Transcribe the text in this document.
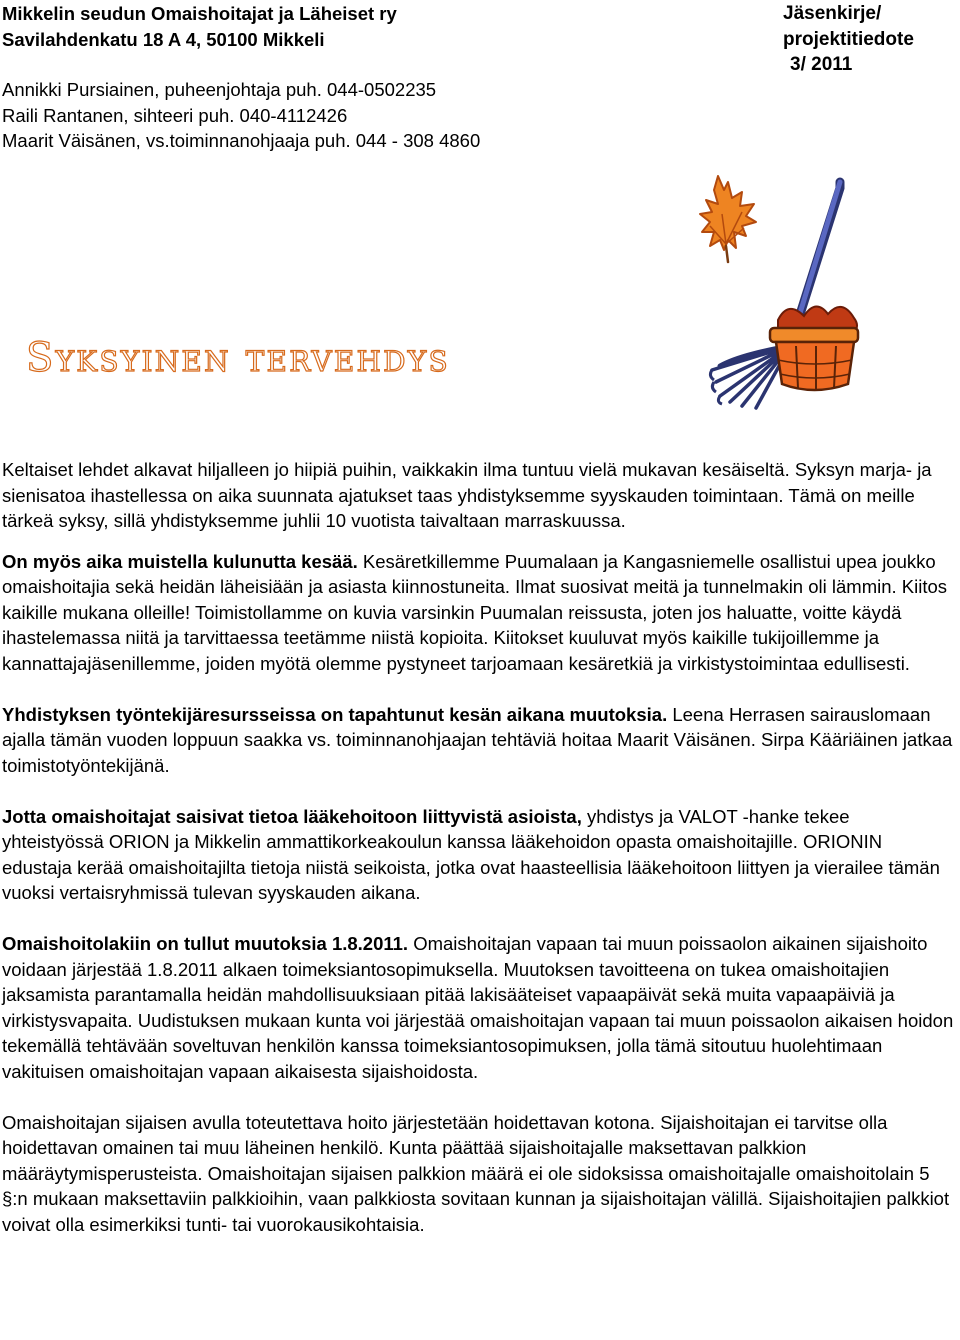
Mikkelin seudun Omaishoitajat ja Läheiset ry
Savilahdenkatu 18 A 4, 50100 Mikkeli
Annikki Pursiainen, puheenjohtaja puh. 044-0502235
Raili Rantanen, sihteeri puh. 040-4112426
Maarit Väisänen, vs.toiminnanohjaaja puh. 044 - 308 4860
Jäsenkirje/
projektitiedote
3/ 2011
Syksyinen tervehdys

Keltaiset lehdet alkavat hiljalleen jo hiipiä puihin, vaikkakin ilma tuntuu vielä mukavan kesäiseltä. Syksyn marja- ja sienisatoa ihastellessa on aika suunnata ajatukset taas yhdistyksemme syyskauden toimintaan. Tämä on meille tärkeä syksy, sillä yhdistyksemme juhlii 10 vuotista taivaltaan marraskuussa.

On myös aika muistella kulunutta kesää. Kesäretkillemme Puumalaan ja Kangasniemelle osallistui upea joukko omaishoitajia sekä heidän läheisiään ja asiasta kiinnostuneita. Ilmat suosivat meitä ja tunnelmakin oli lämmin. Kiitos kaikille mukana olleille! Toimistollamme on kuvia varsinkin Puumalan reissusta, joten jos haluatte, voitte käydä ihastelemassa niitä ja tarvittaessa teetämme niistä kopioita. Kiitokset kuuluvat myös kaikille tukijoillemme ja kannattajajäsenillemme, joiden myötä olemme pystyneet tarjoamaan kesäretkiä ja virkistystoimintaa edullisesti.

Yhdistyksen työntekijäresursseissa on tapahtunut kesän aikana muutoksia. Leena Herrasen sairauslomaan ajalla tämän vuoden loppuun saakka vs. toiminnanohjaajan tehtäviä hoitaa Maarit Väisänen. Sirpa Kääriäinen jatkaa toimistotyöntekijänä.

Jotta omaishoitajat saisivat tietoa lääkehoitoon liittyvistä asioista, yhdistys ja VALOT -hanke tekee yhteistyössä ORION ja Mikkelin ammattikorkeakoulun kanssa lääkehoidon opasta omaishoitajille. ORIONIN edustaja kerää omaishoitajilta tietoja niistä seikoista, jotka ovat haasteellisia lääkehoitoon liittyen ja vierailee tämän vuoksi vertaisryhmissä tulevan syyskauden aikana.

Omaishoitolakiin on tullut muutoksia 1.8.2011. Omaishoitajan vapaan tai muun poissaolon aikainen sijaishoito voidaan järjestää 1.8.2011 alkaen toimeksiantosopimuksella. Muutoksen tavoitteena on tukea omaishoitajien jaksamista parantamalla heidän mahdollisuuksiaan pitää lakisääteiset vapaapäivät sekä muita vapaapäiviä ja virkistysvapaita. Uudistuksen mukaan kunta voi järjestää omaishoitajan vapaan tai muun poissaolon aikaisen hoidon tekemällä tehtävään soveltuvan henkilön kanssa toimeksiantosopimuksen, jolla tämä sitoutuu huolehtimaan vakituisen omaishoitajan vapaan aikaisesta sijaishoidosta.

Omaishoitajan sijaisen avulla toteutettava hoito järjestetään hoidettavan kotona. Sijaishoitajan ei tarvitse olla hoidettavan omainen tai muu läheinen henkilö. Kunta päättää sijaishoitajalle maksettavan palkkion määräytymisperusteista. Omaishoitajan sijaisen palkkion määrä ei ole sidoksissa omaishoitajalle omaishoitolain 5 §:n mukaan maksettaviin palkkioihin, vaan palkkiosta sovitaan kunnan ja sijaishoitajan välillä. Sijaishoitajien palkkiot voivat olla esimerkiksi tunti- tai vuorokausikohtaisia.
